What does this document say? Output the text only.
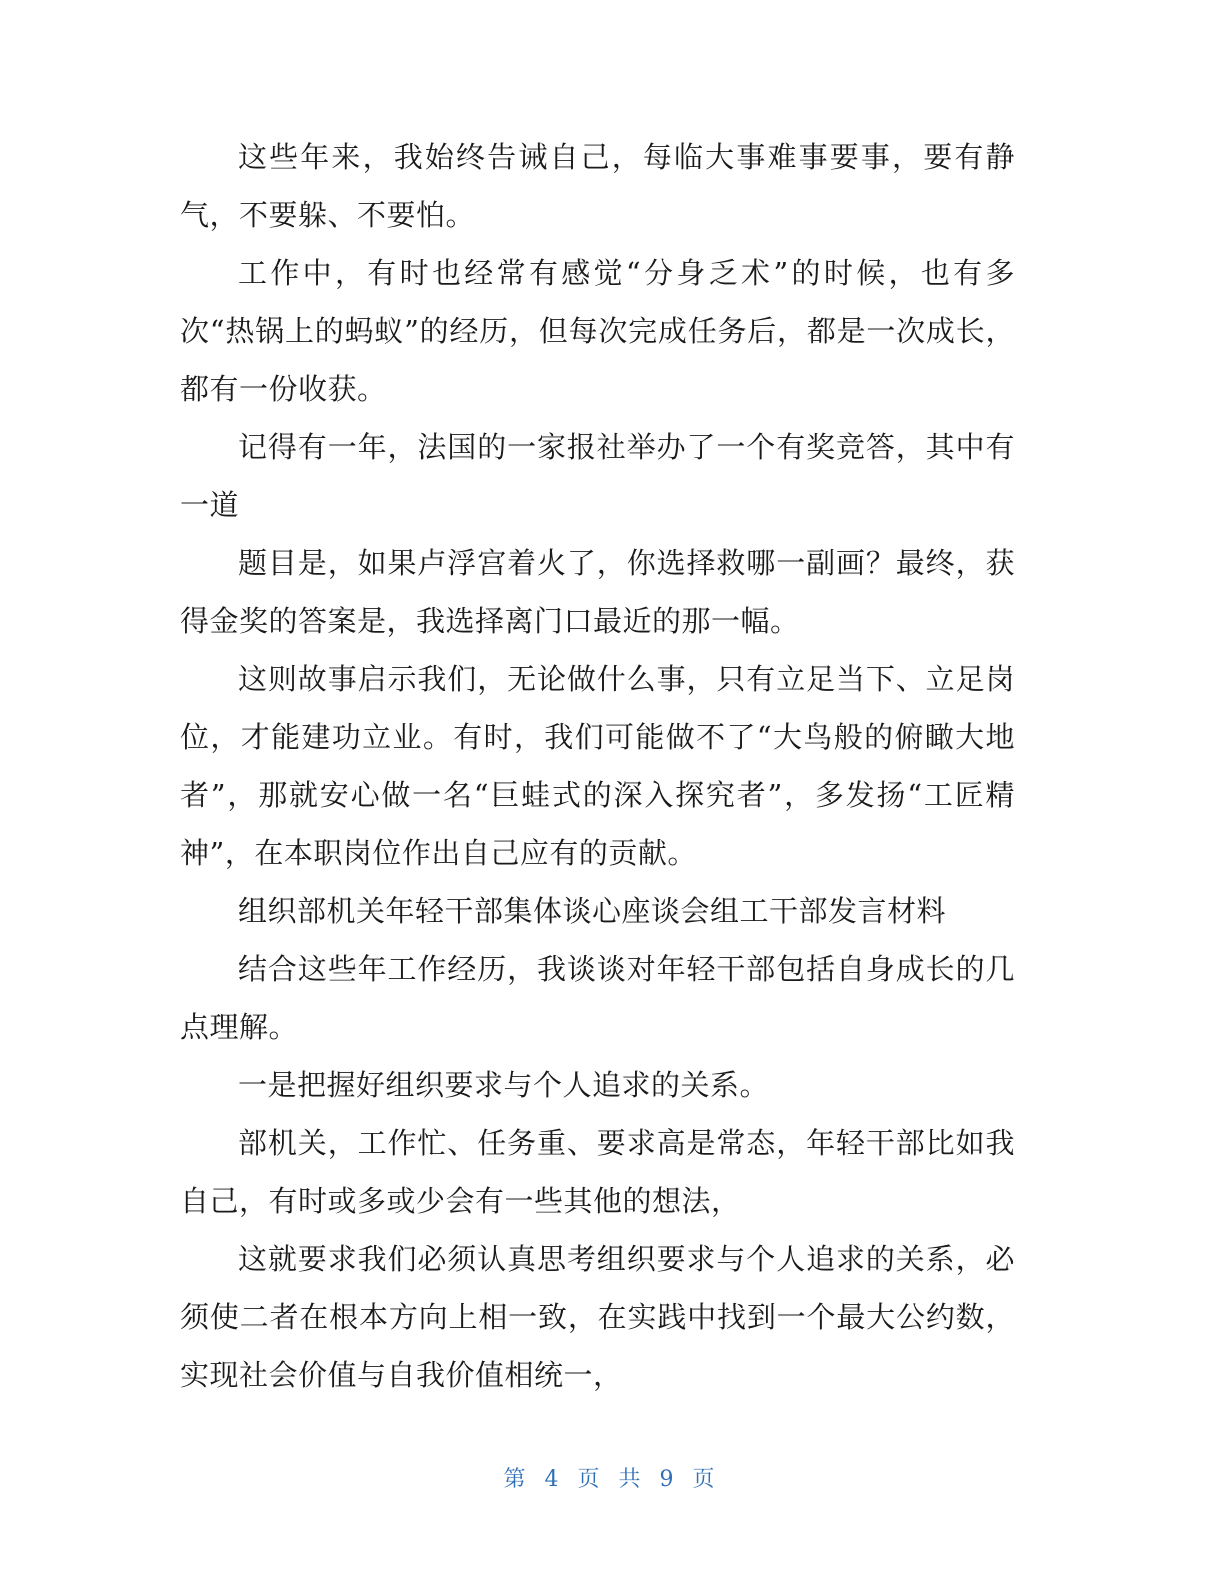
这些年来，我始终告诫自己，每临大事难事要事，要有静气，不要躲、不要怕。

工作中，有时也经常有感觉“分身乏术”的时候，也有多次“热锅上的蚂蚁”的经历，但每次完成任务后，都是一次成长，都有一份收获。

记得有一年，法国的一家报社举办了一个有奖竞答，其中有一道

题目是，如果卢浮宫着火了，你选择救哪一副画？最终，获得金奖的答案是，我选择离门口最近的那一幅。

这则故事启示我们，无论做什么事，只有立足当下、立足岗位，才能建功立业。有时，我们可能做不了“大鸟般的俯瞰大地者”，那就安心做一名“巨蛙式的深入探究者”，多发扬“工匠精神”，在本职岗位作出自己应有的贡献。

组织部机关年轻干部集体谈心座谈会组工干部发言材料

结合这些年工作经历，我谈谈对年轻干部包括自身成长的几点理解。

一是把握好组织要求与个人追求的关系。

部机关，工作忙、任务重、要求高是常态，年轻干部比如我自己，有时或多或少会有一些其他的想法，

这就要求我们必须认真思考组织要求与个人追求的关系，必须使二者在根本方向上相一致，在实践中找到一个最大公约数，实现社会价值与自我价值相统一，

第 4 页 共 9 页
